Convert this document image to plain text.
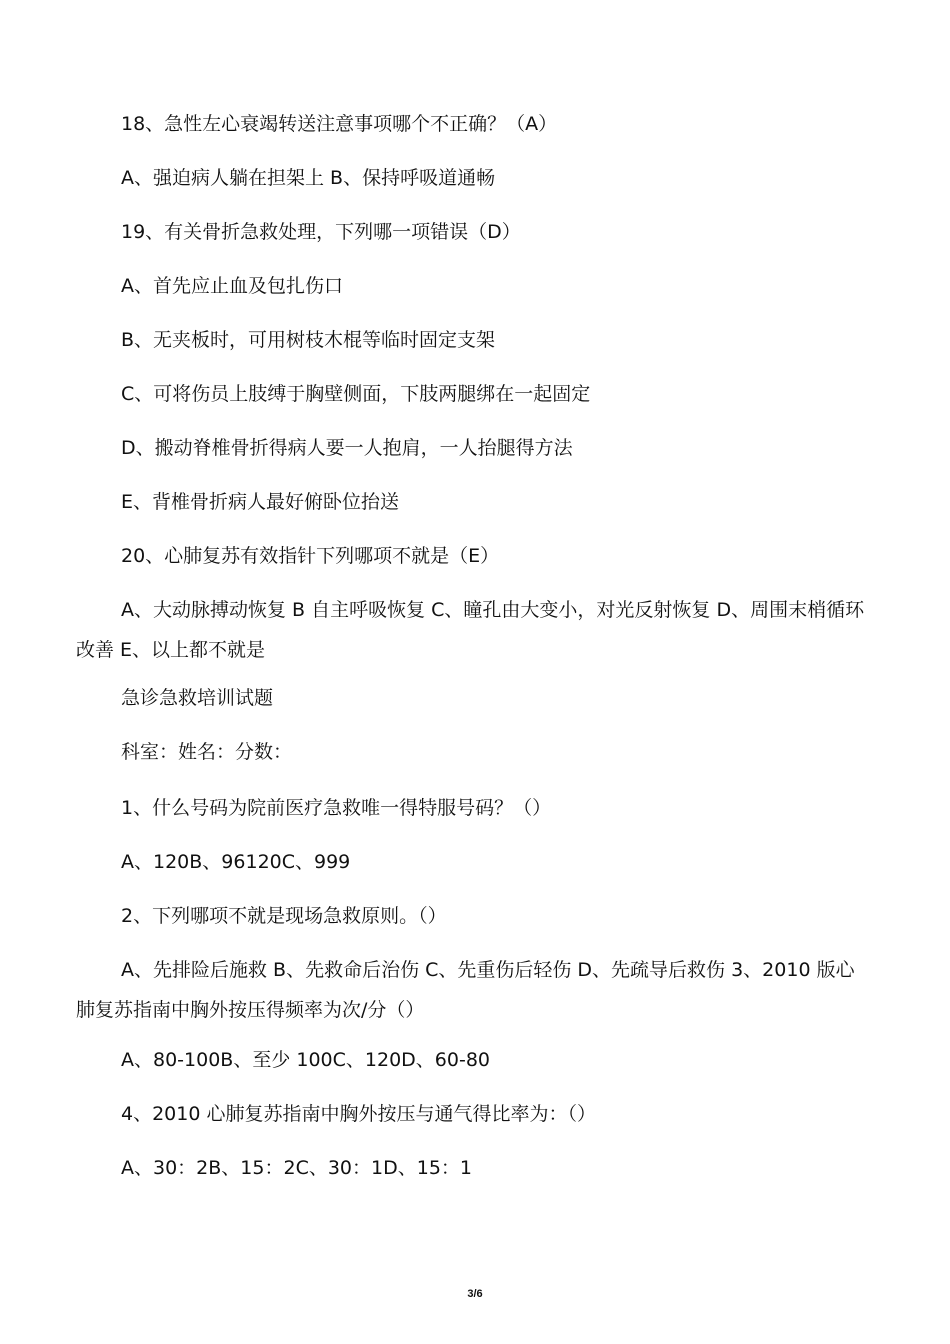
18、急性左心衰竭转送注意事项哪个不正确？（A）
A、强迫病人躺在担架上 B、保持呼吸道通畅
19、有关骨折急救处理，下列哪一项错误（D）
A、首先应止血及包扎伤口
B、无夹板时，可用树枝木棍等临时固定支架
C、可将伤员上肢缚于胸壁侧面，下肢两腿绑在一起固定
D、搬动脊椎骨折得病人要一人抱肩，一人抬腿得方法
E、背椎骨折病人最好俯卧位抬送
20、心肺复苏有效指针下列哪项不就是（E）
A、大动脉搏动恢复 B 自主呼吸恢复 C、瞳孔由大变小，对光反射恢复 D、周围末梢循环改善 E、以上都不就是
急诊急救培训试题
科室：姓名：分数：
1、什么号码为院前医疗急救唯一得特服号码？（）
A、120B、96120C、999
2、下列哪项不就是现场急救原则。（）
A、先排险后施救 B、先救命后治伤 C、先重伤后轻伤 D、先疏导后救伤 3、2010 版心肺复苏指南中胸外按压得频率为次/分（）
A、80-100B、至少 100C、120D、60-80
4、2010 心肺复苏指南中胸外按压与通气得比率为：（）
A、30：2B、15：2C、30：1D、15：1
3/6
